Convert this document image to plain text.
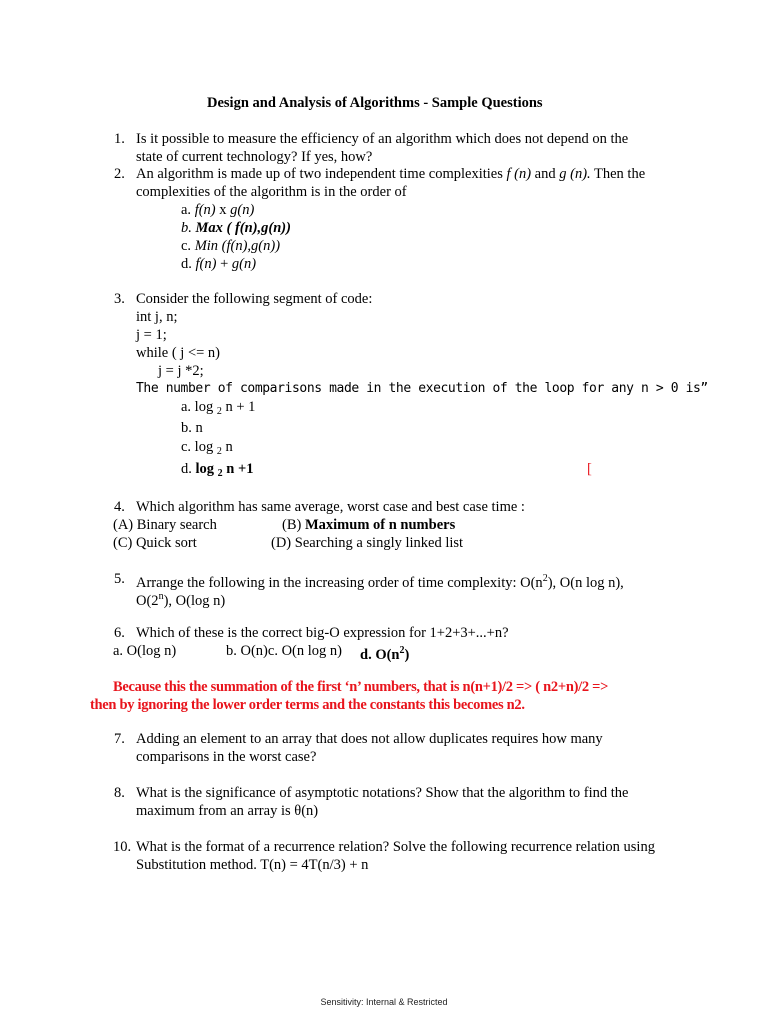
Design and Analysis of Algorithms - Sample Questions
1. Is it possible to measure the efficiency of an algorithm which does not depend on the
state of current technology? If yes, how?
2. An algorithm is made up of two independent time complexities f (n) and g (n). Then the
complexities of the algorithm is in the order of
a. f(n) x g(n)
b. Max ( f(n),g(n))
c. Min (f(n),g(n))
d. f(n) + g(n)
3. Consider the following segment of code:
int j, n;
j = 1;
while ( j <= n)
j = j *2;
The number of comparisons made in the execution of the loop for any n > 0 is”
a. log $_2$ n + 1
b. n
c. log $_2$ n
d. log $_2$ n +1	[
4. Which algorithm has same average, worst case and best case time :
(A) Binary search	(B) Maximum of n numbers
(C) Quick sort	(D) Searching a singly linked list
5. Arrange the following in the increasing order of time complexity: $O(n^2)$, O(n log n),
O(2$^n$), O(log n)
6. Which of these is the correct big-O expression for 1+2+3+...+n?
a. O(log n)	b. O(n)c. O(n log n) d. $O(n^2)$
Because this the summation of the first ‘n’ numbers, that is n(n+1)/2 => ( n2+n)/2 =>
then by ignoring the lower order terms and the constants this becomes n2.
7. Adding an element to an array that does not allow duplicates requires how many
comparisons in the worst case?
8. What is the significance of asymptotic notations? Show that the algorithm to find the
maximum from an array is θ(n)
10. What is the format of a recurrence relation? Solve the following recurrence relation using
Substitution method. T(n) = 4T(n/3) + n
Sensitivity: Internal & Restricted
